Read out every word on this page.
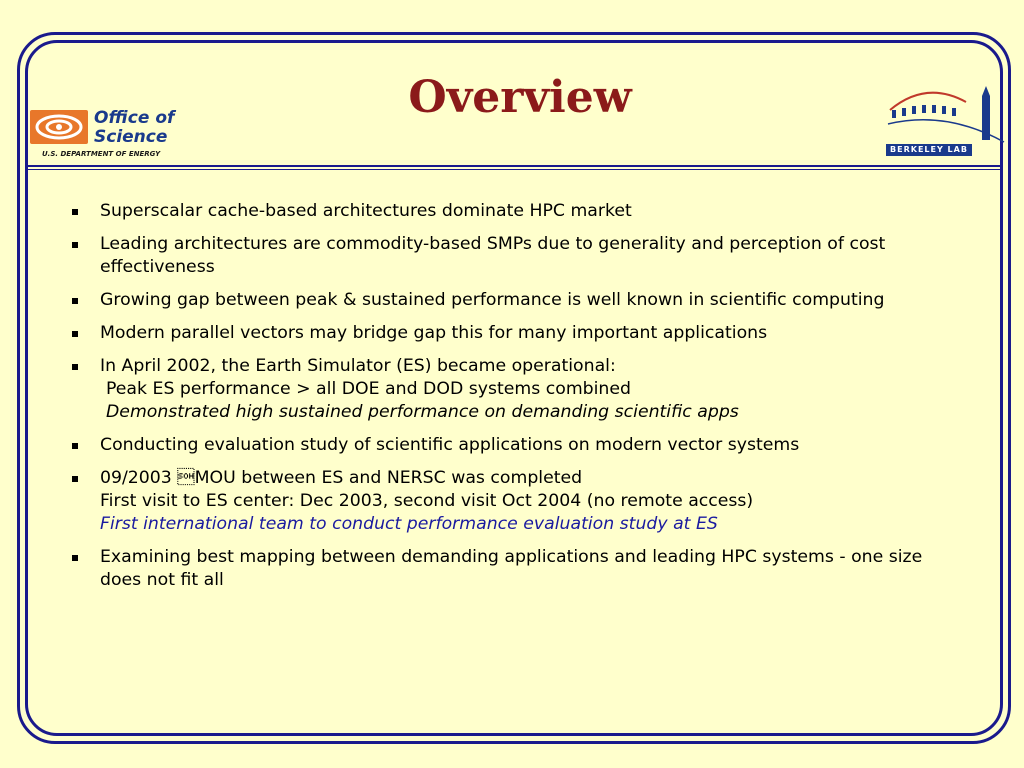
Office of
Science
U.S. DEPARTMENT OF ENERGY
Overview
BERKELEY LAB
Superscalar cache-based architectures dominate HPC market
Leading architectures are commodity-based SMPs due to generality and perception of cost effectiveness
Growing gap between peak & sustained performance is well known in scientific computing
Modern parallel vectors may bridge gap this for many important applications
In April 2002, the Earth Simulator (ES) became operational:
Peak ES performance > all DOE and DOD systems combined
Demonstrated high sustained performance on demanding scientific apps
Conducting evaluation study of scientific applications on modern vector systems
09/2003 MOU between ES and NERSC was completed
First visit to ES center: Dec 2003, second visit Oct 2004 (no remote access)
First international team to conduct performance evaluation study at ES
Examining best mapping between demanding applications and leading HPC systems - one size does not fit all
